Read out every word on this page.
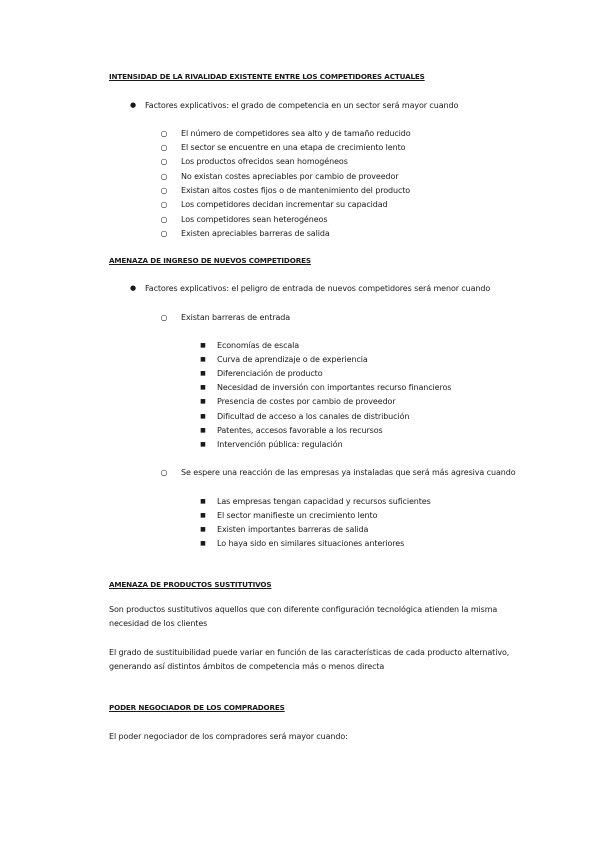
INTENSIDAD DE LA RIVALIDAD EXISTENTE ENTRE LOS COMPETIDORES ACTUALES
● Factores explicativos: el grado de competencia en un sector será mayor cuando
○ El número de competidores sea alto y de tamaño reducido
○ El sector se encuentre en una etapa de crecimiento lento
○ Los productos ofrecidos sean homogéneos
○ No existan costes apreciables por cambio de proveedor
○ Existan altos costes fijos o de mantenimiento del producto
○ Los competidores decidan incrementar su capacidad
○ Los competidores sean heterogéneos
○ Existen apreciables barreras de salida
AMENAZA DE INGRESO DE NUEVOS COMPETIDORES
● Factores explicativos: el peligro de entrada de nuevos competidores será menor cuando
○ Existan barreras de entrada
■ Economías de escala
■ Curva de aprendizaje o de experiencia
■ Diferenciación de producto
■ Necesidad de inversión con importantes recurso financieros
■ Presencia de costes por cambio de proveedor
■ Dificultad de acceso a los canales de distribución
■ Patentes, accesos favorable a los recursos
■ Intervención pública: regulación
○ Se espere una reacción de las empresas ya instaladas que será más agresiva cuando
■ Las empresas tengan capacidad y recursos suficientes
■ El sector manifieste un crecimiento lento
■ Existen importantes barreras de salida
■ Lo haya sido en similares situaciones anteriores
AMENAZA DE PRODUCTOS SUSTITUTIVOS
Son productos sustitutivos aquellos que con diferente configuración tecnológica atienden la misma necesidad de los clientes
El grado de sustituibilidad puede variar en función de las características de cada producto alternativo, generando así distintos ámbitos de competencia más o menos directa
PODER NEGOCIADOR DE LOS COMPRADORES
El poder negociador de los compradores será mayor cuando:
